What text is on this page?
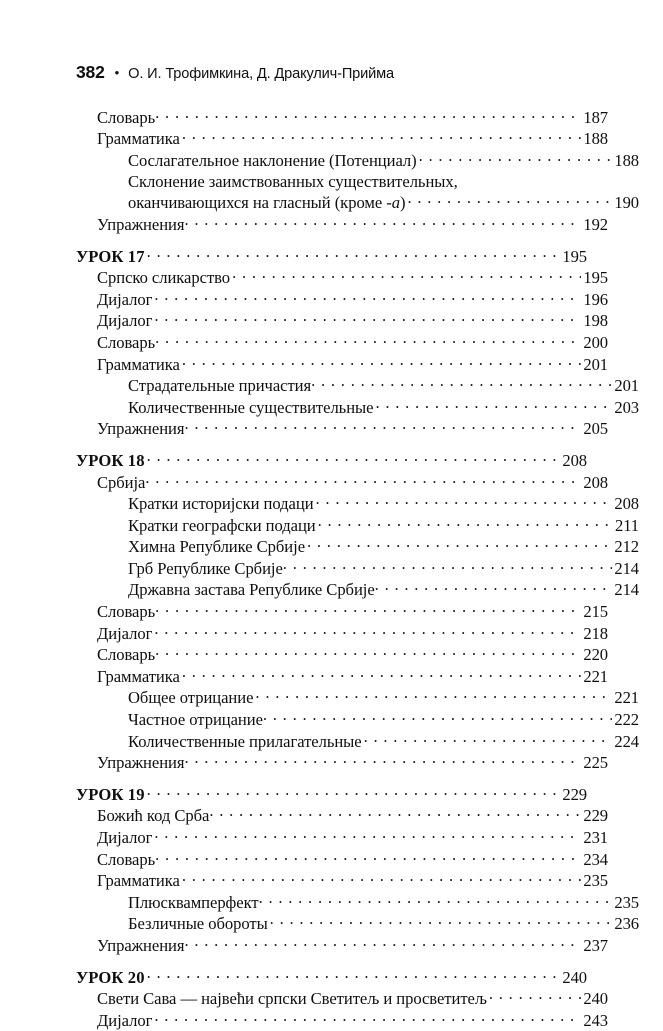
382 • О. И. Трофимкина, Д. Дракулич-Прийма
Словарь . . .	187
Грамматика . . .	188
Сослагательное наклонение (Потенциал) . . .	188
Склонение заимствованных существительных,
оканчивающихся на гласный (кроме -а) . . .	190
Упражнения . . .	192
УРОК 17 . . .	195
Српско сликарство . . .	195
Дијалог . . .	196
Дијалог . . .	198
Словарь . . .	200
Грамматика . . .	201
Страдательные причастия . . .	201
Количественные существительные . . .	203
Упражнения . . .	205
УРОК 18 . . .	208
Србија . . .	208
Кратки историјски подаци . . .	208
Кратки географски подаци . . .	211
Химна Републике Србије . . .	212
Грб Републике Србије . . .	214
Државна застава Републике Србије . . .	214
Словарь . . .	215
Дијалог . . .	218
Словарь . . .	220
Грамматика . . .	221
Общее отрицание . . .	221
Частное отрицание . . .	222
Количественные прилагательные . . .	224
Упражнения . . .	225
УРОК 19 . . .	229
Божић код Срба . . .	229
Дијалог . . .	231
Словарь . . .	234
Грамматика . . .	235
Плюсквамперфект . . .	235
Безличные обороты . . .	236
Упражнения . . .	237
УРОК 20 . . .	240
Свети Сава — највећи српски Светитељ и просветитељ . . .	240
Дијалог . . .	243
